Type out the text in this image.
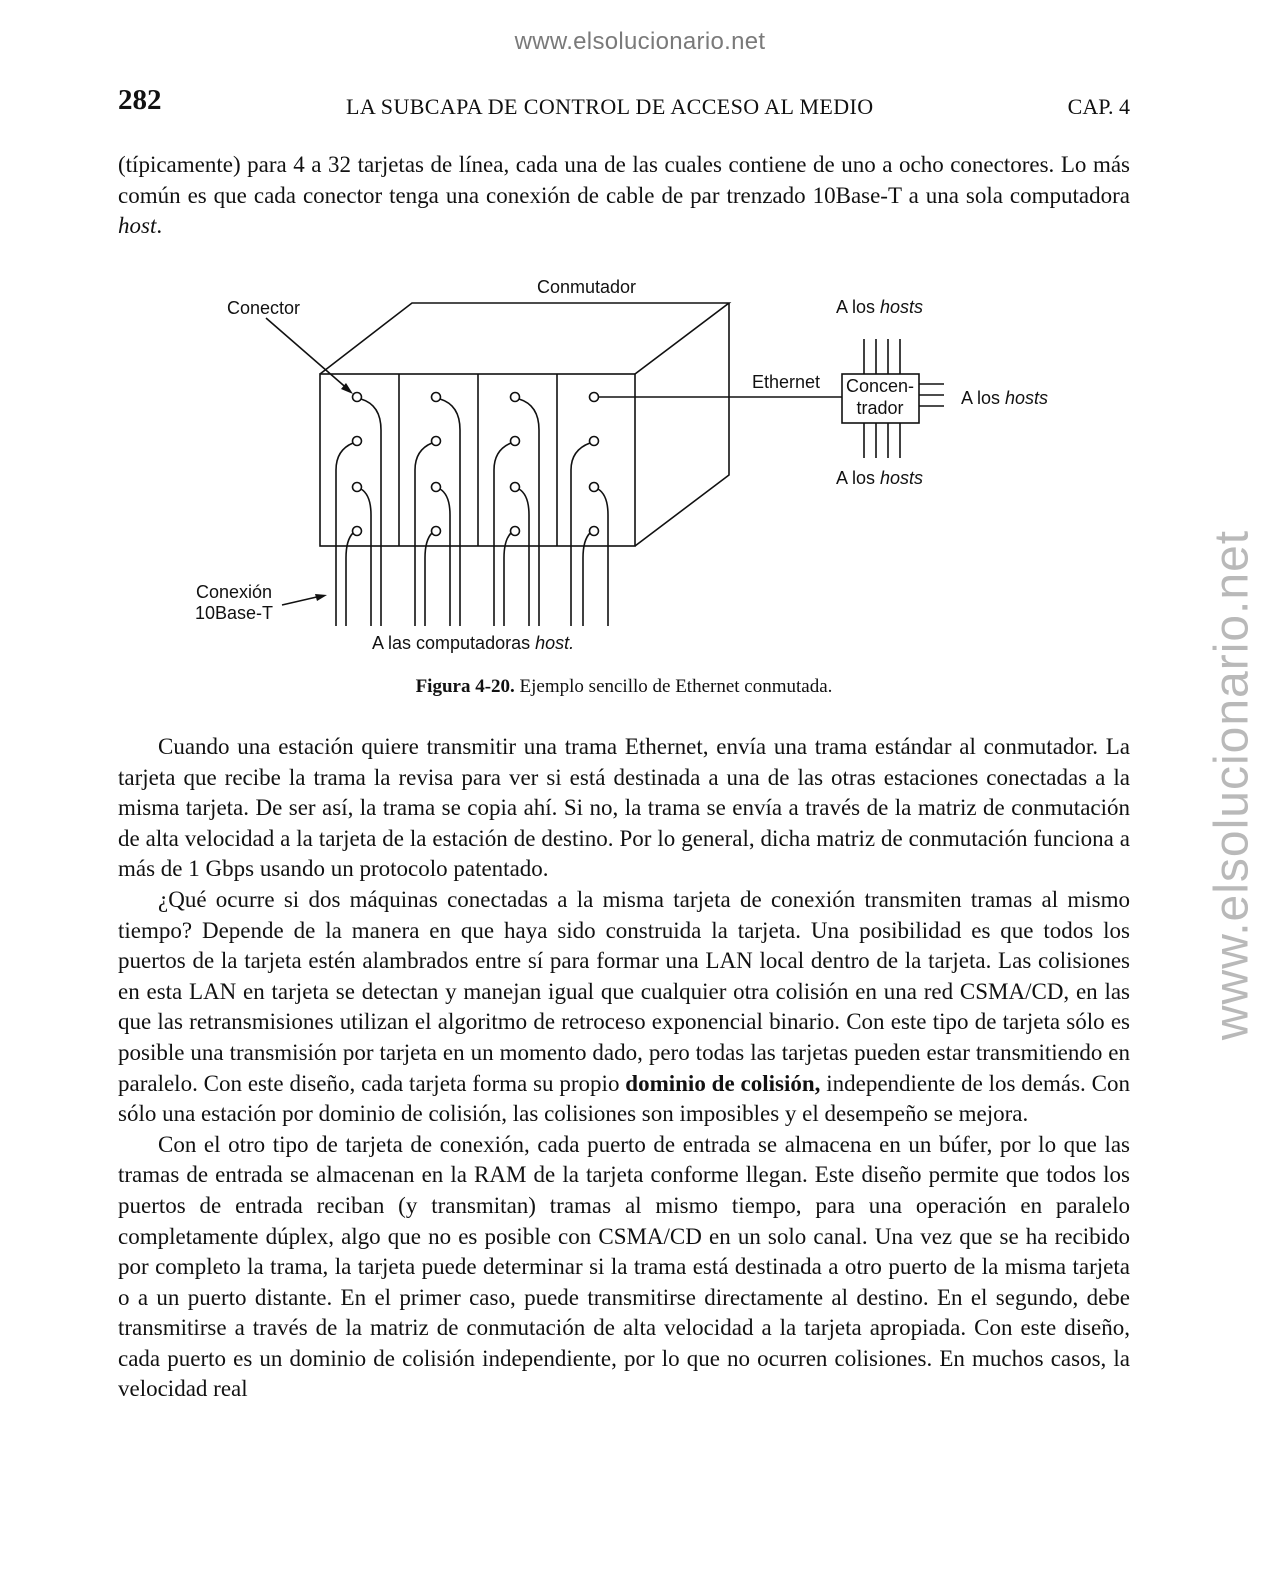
www.elsolucionario.net
www.elsolucionario.net
282	LA SUBCAPA DE CONTROL DE ACCESO AL MEDIO	CAP. 4

(típicamente) para 4 a 32 tarjetas de línea, cada una de las cuales contiene de uno a ocho conectores. Lo más común es que cada conector tenga una conexión de cable de par trenzado 10Base-T a una sola computadora host.

Conmutador
Conector
Ethernet Concen-
trador
A los hosts
A los hosts
A los hosts
Conexión
10Base-T
A las computadoras host.
Figura 4-20. Ejemplo sencillo de Ethernet conmutada.

Cuando una estación quiere transmitir una trama Ethernet, envía una trama estándar al conmutador. La tarjeta que recibe la trama la revisa para ver si está destinada a una de las otras estaciones conectadas a la misma tarjeta. De ser así, la trama se copia ahí. Si no, la trama se envía a través de la matriz de conmutación de alta velocidad a la tarjeta de la estación de destino. Por lo general, dicha matriz de conmutación funciona a más de 1 Gbps usando un protocolo patentado.

¿Qué ocurre si dos máquinas conectadas a la misma tarjeta de conexión transmiten tramas al mismo tiempo? Depende de la manera en que haya sido construida la tarjeta. Una posibilidad es que todos los puertos de la tarjeta estén alambrados entre sí para formar una LAN local dentro de la tarjeta. Las colisiones en esta LAN en tarjeta se detectan y manejan igual que cualquier otra colisión en una red CSMA/CD, en las que las retransmisiones utilizan el algoritmo de retroceso exponencial binario. Con este tipo de tarjeta sólo es posible una transmisión por tarjeta en un momento dado, pero todas las tarjetas pueden estar transmitiendo en paralelo. Con este diseño, cada tarjeta forma su propio dominio de colisión, independiente de los demás. Con sólo una estación por dominio de colisión, las colisiones son imposibles y el desempeño se mejora.

Con el otro tipo de tarjeta de conexión, cada puerto de entrada se almacena en un búfer, por lo que las tramas de entrada se almacenan en la RAM de la tarjeta conforme llegan. Este diseño permite que todos los puertos de entrada reciban (y transmitan) tramas al mismo tiempo, para una operación en paralelo completamente dúplex, algo que no es posible con CSMA/CD en un solo canal. Una vez que se ha recibido por completo la trama, la tarjeta puede determinar si la trama está destinada a otro puerto de la misma tarjeta o a un puerto distante. En el primer caso, puede transmitirse directamente al destino. En el segundo, debe transmitirse a través de la matriz de conmutación de alta velocidad a la tarjeta apropiada. Con este diseño, cada puerto es un dominio de colisión independiente, por lo que no ocurren colisiones. En muchos casos, la velocidad real
